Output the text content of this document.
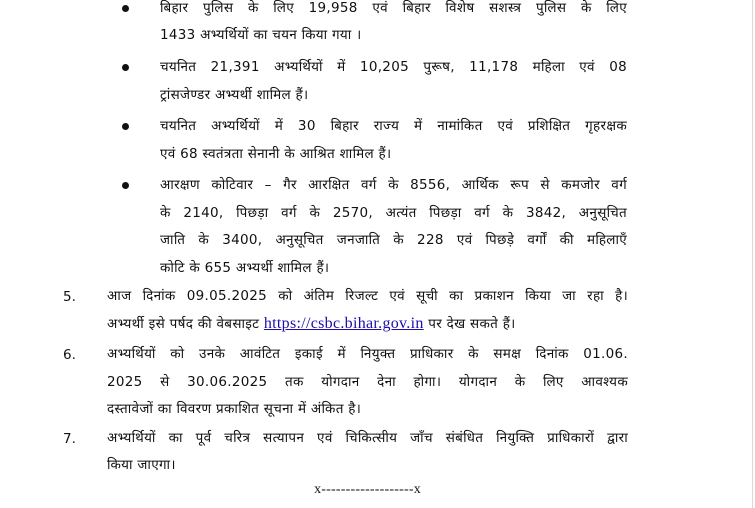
बिहार पुलिस के लिए 19,958 एवं बिहार विशेष सशस्त्र पुलिस के लिए
1433 अभ्यर्थियों का चयन किया गया ।
चयनित 21,391 अभ्यर्थियों में 10,205 पुरूष, 11,178 महिला एवं 08
ट्रांसजेण्डर अभ्यर्थी शामिल हैं।
चयनित अभ्यर्थियों में 30 बिहार राज्य में नामांकित एवं प्रशिक्षित गृहरक्षक
एवं 68 स्वतंत्रता सेनानी के आश्रित शामिल हैं।
आरक्षण कोटिवार – गैर आरक्षित वर्ग के 8556, आर्थिक रूप से कमजोर वर्ग
के 2140, पिछड़ा वर्ग के 2570, अत्यंत पिछड़ा वर्ग के 3842, अनुसूचित
जाति के 3400, अनुसूचित जनजाति के 228 एवं पिछड़े वर्गों की महिलाएँ
कोटि के 655 अभ्यर्थी शामिल हैं।
5. आज दिनांक 09.05.2025 को अंतिम रिजल्ट एवं सूची का प्रकाशन किया जा रहा है।
अभ्यर्थी इसे पर्षद की वेबसाइट https://csbc.bihar.gov.in पर देख सकते हैं।
6. अभ्यर्थियों को उनके आवंटित इकाई में नियुक्त प्राधिकार के समक्ष दिनांक 01.06.
2025 से 30.06.2025 तक योगदान देना होगा। योगदान के लिए आवश्यक
दस्तावेजों का विवरण प्रकाशित सूचना में अंकित है।
7. अभ्यर्थियों का पूर्व चरित्र सत्यापन एवं चिकित्सीय जाँच संबंधित नियुक्ति प्राधिकारों द्वारा
किया जाएगा।
x-------------------x
